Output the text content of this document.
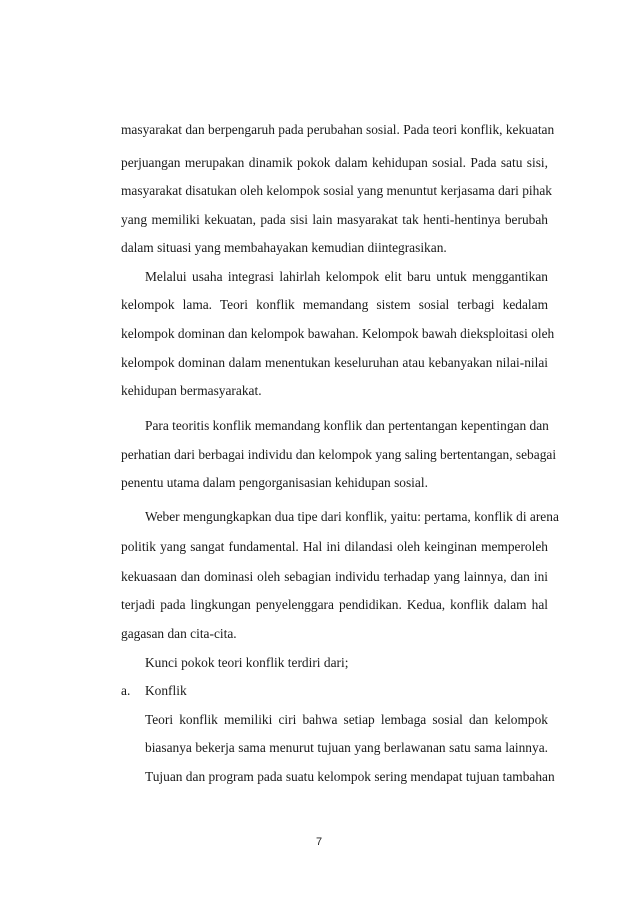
masyarakat dan berpengaruh pada perubahan sosial. Pada teori konflik, kekuatan
perjuangan merupakan dinamik pokok dalam kehidupan sosial. Pada satu sisi,
masyarakat disatukan oleh kelompok sosial yang menuntut kerjasama dari pihak
yang memiliki kekuatan, pada sisi lain masyarakat tak henti-hentinya berubah
dalam situasi yang membahayakan kemudian diintegrasikan.
Melalui usaha integrasi lahirlah kelompok elit baru untuk menggantikan
kelompok lama. Teori konflik memandang sistem sosial terbagi kedalam
kelompok dominan dan kelompok bawahan. Kelompok bawah dieksploitasi oleh
kelompok dominan dalam menentukan keseluruhan atau kebanyakan nilai-nilai
kehidupan bermasyarakat.
Para teoritis konflik memandang konflik dan pertentangan kepentingan dan
perhatian dari berbagai individu dan kelompok yang saling bertentangan, sebagai
penentu utama dalam pengorganisasian kehidupan sosial.
Weber mengungkapkan dua tipe dari konflik, yaitu: pertama, konflik di arena
politik yang sangat fundamental. Hal ini dilandasi oleh keinginan memperoleh
kekuasaan dan dominasi oleh sebagian individu terhadap yang lainnya, dan ini
terjadi pada lingkungan penyelenggara pendidikan. Kedua, konflik dalam hal
gagasan dan cita-cita.
Kunci pokok teori konflik terdiri dari;
a. Konflik
Teori konflik memiliki ciri bahwa setiap lembaga sosial dan kelompok
biasanya bekerja sama menurut tujuan yang berlawanan satu sama lainnya.
Tujuan dan program pada suatu kelompok sering mendapat tujuan tambahan
7
